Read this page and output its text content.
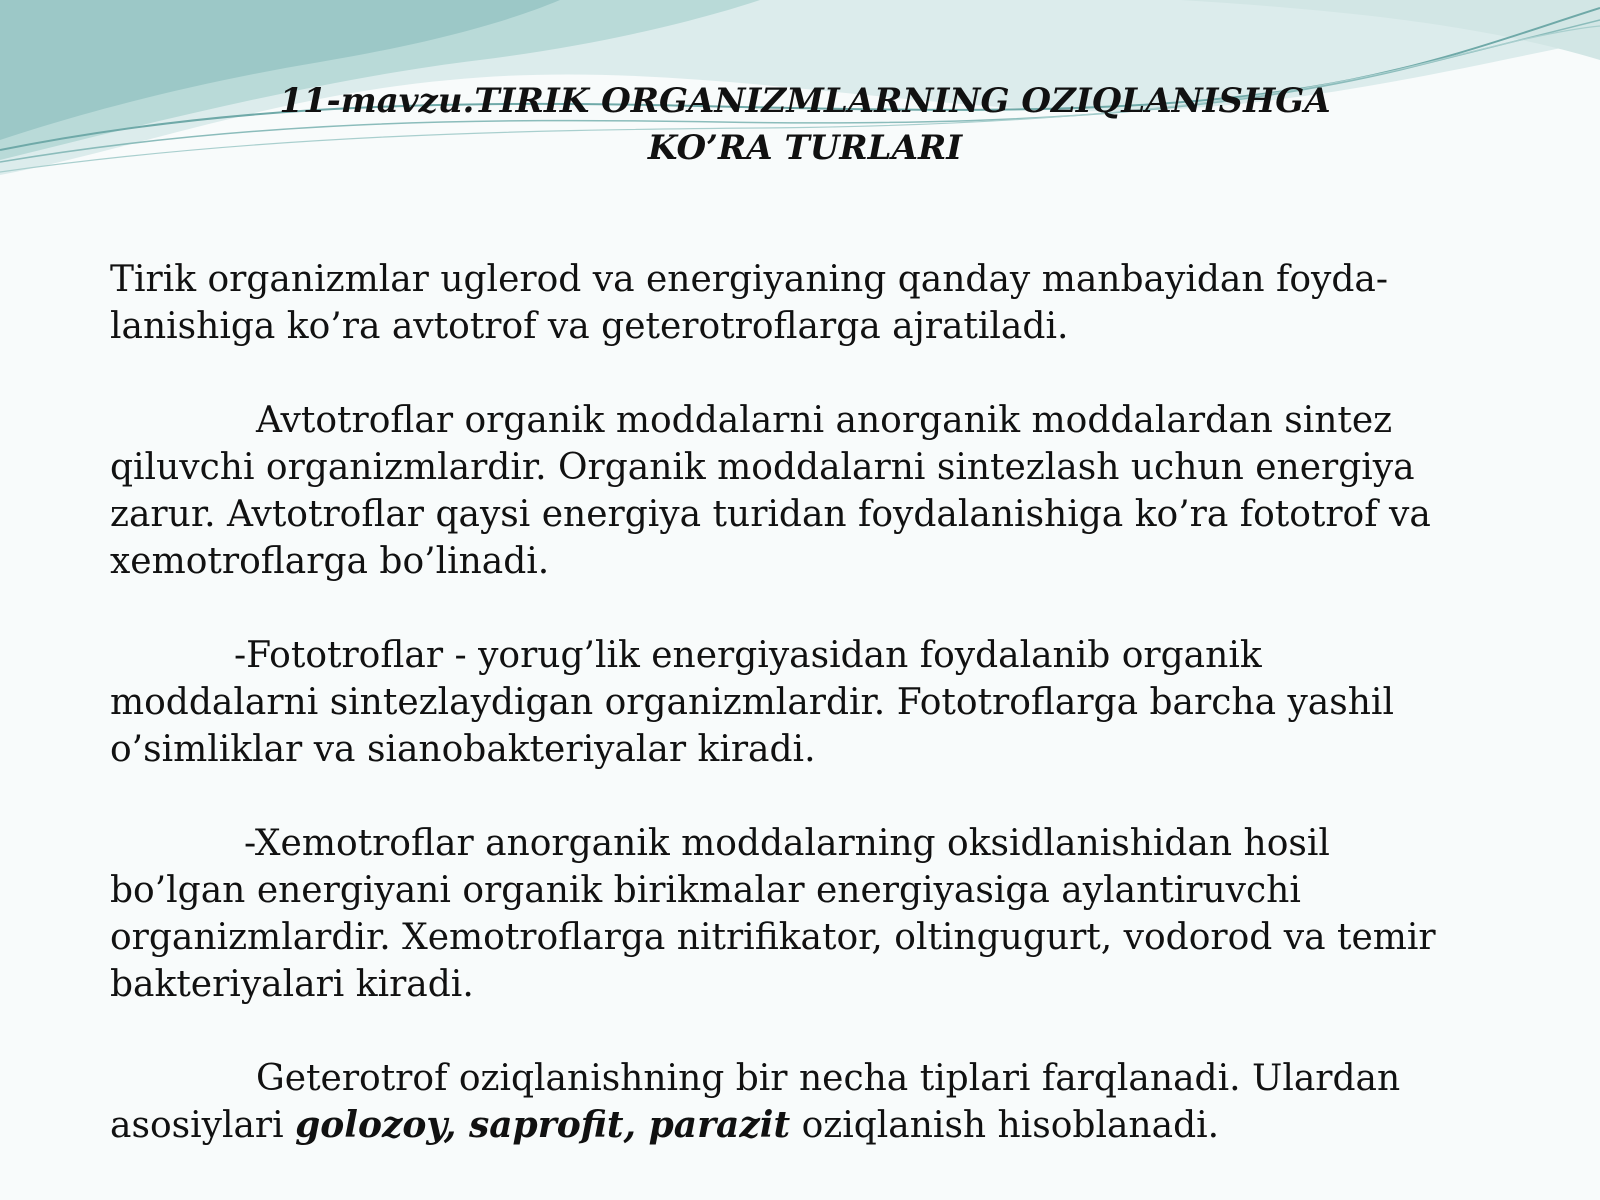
11-mavzu.TIRIK ORGANIZMLARNING OZIQLANISHGA
KO’RA TURLARI
Tirik organizmlar uglerod va energiyaning qanday manbayidan foyda-
lanishiga ko’ra avtotrof va geterotroflarga ajratiladi.
Avtotroflar organik moddalarni anorganik moddalardan sintez
qiluvchi organizmlardir. Organik moddalarni sintezlash uchun energiya
zarur. Avtotroflar qaysi energiya turidan foydalanishiga ko’ra fototrof va
xemotroflarga bo’linadi.
-Fototroflar - yorug’lik energiyasidan foydalanib organik
moddalarni sintezlaydigan organizmlardir. Fototroflarga barcha yashil
o’simliklar va sianobakteriyalar kiradi.
-Xemotroflar anorganik moddalarning oksidlanishidan hosil
bo’lgan energiyani organik birikmalar energiyasiga aylantiruvchi
organizmlardir. Xemotroflarga nitrifikator, oltingugurt, vodorod va temir
bakteriyalari kiradi.
Geterotrof oziqlanishning bir necha tiplari farqlanadi. Ulardan
asosiylari golozoy, saprofit, parazit oziqlanish hisoblanadi.
